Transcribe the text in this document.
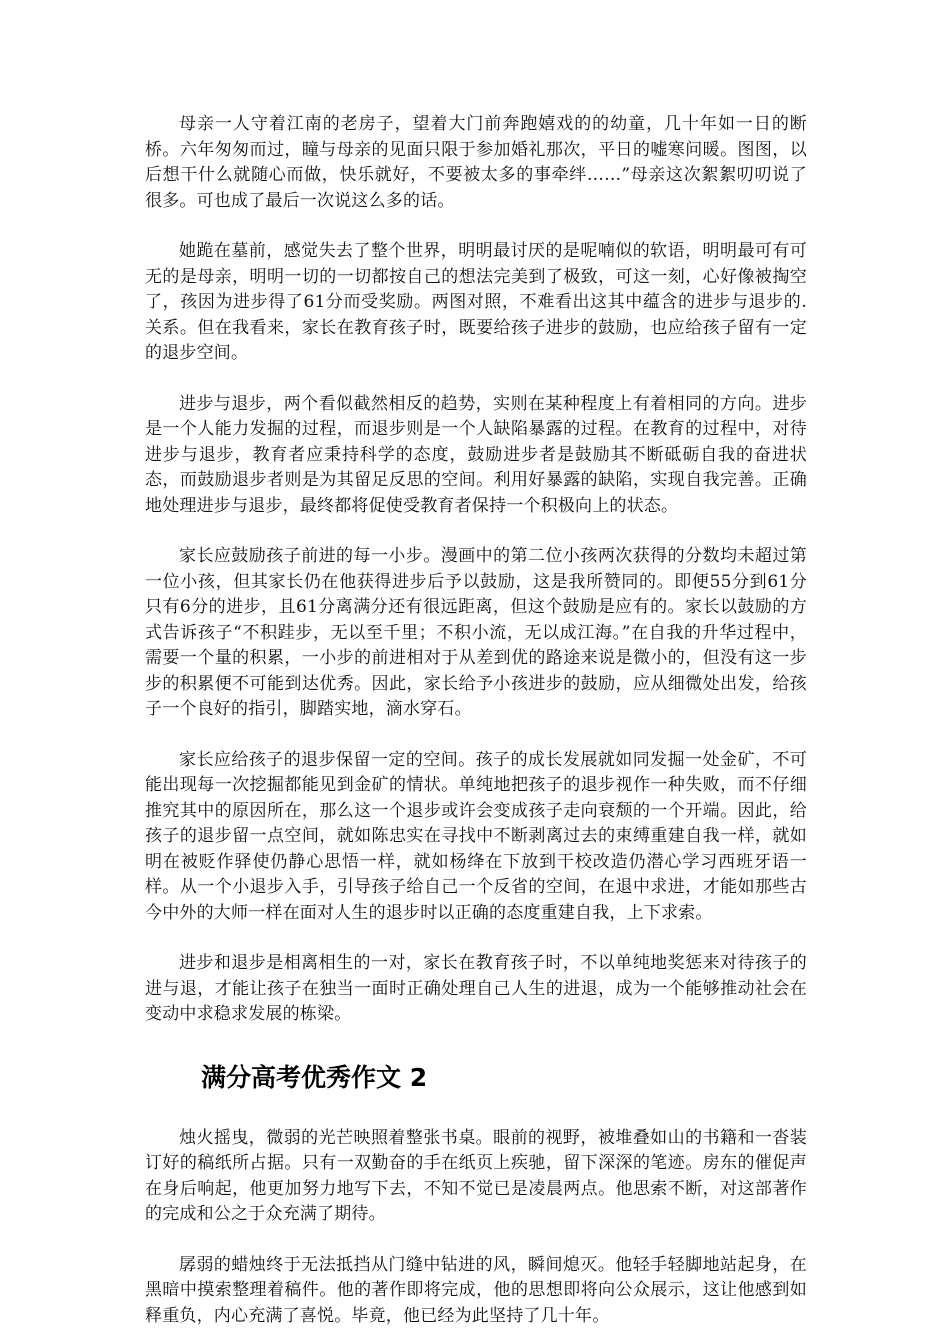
母亲一人守着江南的老房子，望着大门前奔跑嬉戏的的幼童，几十年如一日的断桥。六年匆匆而过，瞳与母亲的见面只限于参加婚礼那次，平日的嘘寒问暖。图图，以后想干什么就随心而做，快乐就好，不要被太多的事牵绊……”母亲这次絮絮叨叨说了很多。可也成了最后一次说这么多的话。

她跪在墓前，感觉失去了整个世界，明明最讨厌的是呢喃似的软语，明明最可有可无的是母亲，明明一切的一切都按自己的想法完美到了极致，可这一刻，心好像被掏空了，孩因为进步得了61分而受奖励。两图对照，不难看出这其中蕴含的进步与退步的.关系。但在我看来，家长在教育孩子时，既要给孩子进步的鼓励，也应给孩子留有一定的退步空间。

进步与退步，两个看似截然相反的趋势，实则在某种程度上有着相同的方向。进步是一个人能力发掘的过程，而退步则是一个人缺陷暴露的过程。在教育的过程中，对待进步与退步，教育者应秉持科学的态度，鼓励进步者是鼓励其不断砥砺自我的奋进状态，而鼓励退步者则是为其留足反思的空间。利用好暴露的缺陷，实现自我完善。正确地处理进步与退步，最终都将促使受教育者保持一个积极向上的状态。

家长应鼓励孩子前进的每一小步。漫画中的第二位小孩两次获得的分数均未超过第一位小孩，但其家长仍在他获得进步后予以鼓励，这是我所赞同的。即便55分到61分只有6分的进步，且61分离满分还有很远距离，但这个鼓励是应有的。家长以鼓励的方式告诉孩子“不积跬步，无以至千里；不积小流，无以成江海。”在自我的升华过程中，需要一个量的积累，一小步的前进相对于从差到优的路途来说是微小的，但没有这一步步的积累便不可能到达优秀。因此，家长给予小孩进步的鼓励，应从细微处出发，给孩子一个良好的指引，脚踏实地，滴水穿石。

家长应给孩子的退步保留一定的空间。孩子的成长发展就如同发掘一处金矿，不可能出现每一次挖掘都能见到金矿的情状。单纯地把孩子的退步视作一种失败，而不仔细推究其中的原因所在，那么这一个退步或许会变成孩子走向衰颓的一个开端。因此，给孩子的退步留一点空间，就如陈忠实在寻找中不断剥离过去的束缚重建自我一样，就如明在被贬作驿使仍静心思悟一样，就如杨绛在下放到干校改造仍潜心学习西班牙语一样。从一个小退步入手，引导孩子给自己一个反省的空间，在退中求进，才能如那些古今中外的大师一样在面对人生的退步时以正确的态度重建自我，上下求索。

进步和退步是相离相生的一对，家长在教育孩子时，不以单纯地奖惩来对待孩子的进与退，才能让孩子在独当一面时正确处理自己人生的进退，成为一个能够推动社会在变动中求稳求发展的栋梁。

满分高考优秀作文 2

烛火摇曳，微弱的光芒映照着整张书桌。眼前的视野，被堆叠如山的书籍和一沓装订好的稿纸所占据。只有一双勤奋的手在纸页上疾驰，留下深深的笔迹。房东的催促声在身后响起，他更加努力地写下去，不知不觉已是凌晨两点。他思索不断，对这部著作的完成和公之于众充满了期待。

孱弱的蜡烛终于无法抵挡从门缝中钻进的风，瞬间熄灭。他轻手轻脚地站起身，在黑暗中摸索整理着稿件。他的著作即将完成，他的思想即将向公众展示，这让他感到如释重负，内心充满了喜悦。毕竟，他已经为此坚持了几十年。
